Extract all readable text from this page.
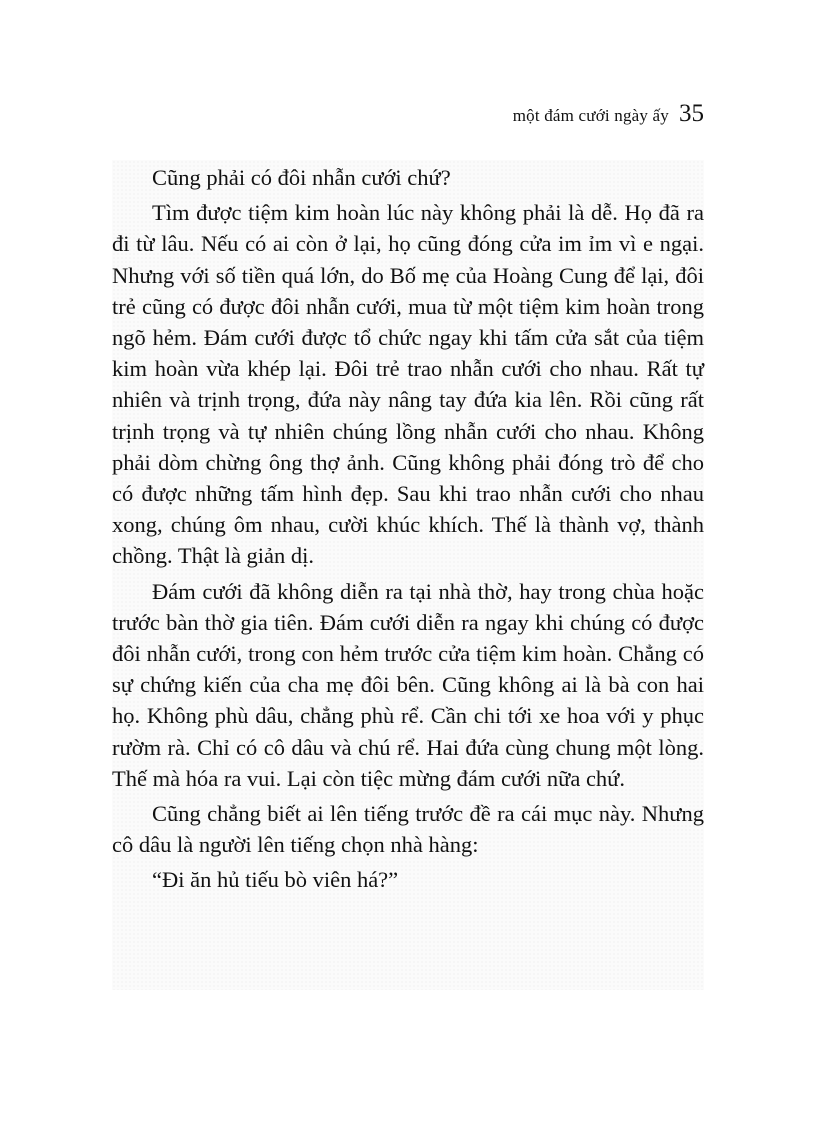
một đám cưới ngày ấy 35

Cũng phải có đôi nhẫn cưới chứ?

Tìm được tiệm kim hoàn lúc này không phải là dễ. Họ đã ra đi từ lâu. Nếu có ai còn ở lại, họ cũng đóng cửa im ỉm vì e ngại. Nhưng với số tiền quá lớn, do Bố mẹ của Hoàng Cung để lại, đôi trẻ cũng có được đôi nhẫn cưới, mua từ một tiệm kim hoàn trong ngõ hẻm. Đám cưới được tổ chức ngay khi tấm cửa sắt của tiệm kim hoàn vừa khép lại. Đôi trẻ trao nhẫn cưới cho nhau. Rất tự nhiên và trịnh trọng, đứa này nâng tay đứa kia lên. Rồi cũng rất trịnh trọng và tự nhiên chúng lồng nhẫn cưới cho nhau. Không phải dòm chừng ông thợ ảnh. Cũng không phải đóng trò để cho có được những tấm hình đẹp. Sau khi trao nhẫn cưới cho nhau xong, chúng ôm nhau, cười khúc khích. Thế là thành vợ, thành chồng. Thật là giản dị.

Đám cưới đã không diễn ra tại nhà thờ, hay trong chùa hoặc trước bàn thờ gia tiên. Đám cưới diễn ra ngay khi chúng có được đôi nhẫn cưới, trong con hẻm trước cửa tiệm kim hoàn. Chẳng có sự chứng kiến của cha mẹ đôi bên. Cũng không ai là bà con hai họ. Không phù dâu, chẳng phù rể. Cần chi tới xe hoa với y phục rườm rà. Chỉ có cô dâu và chú rể. Hai đứa cùng chung một lòng. Thế mà hóa ra vui. Lại còn tiệc mừng đám cưới nữa chứ.

Cũng chẳng biết ai lên tiếng trước đề ra cái mục này. Nhưng cô dâu là người lên tiếng chọn nhà hàng:

“Đi ăn hủ tiếu bò viên há?”
